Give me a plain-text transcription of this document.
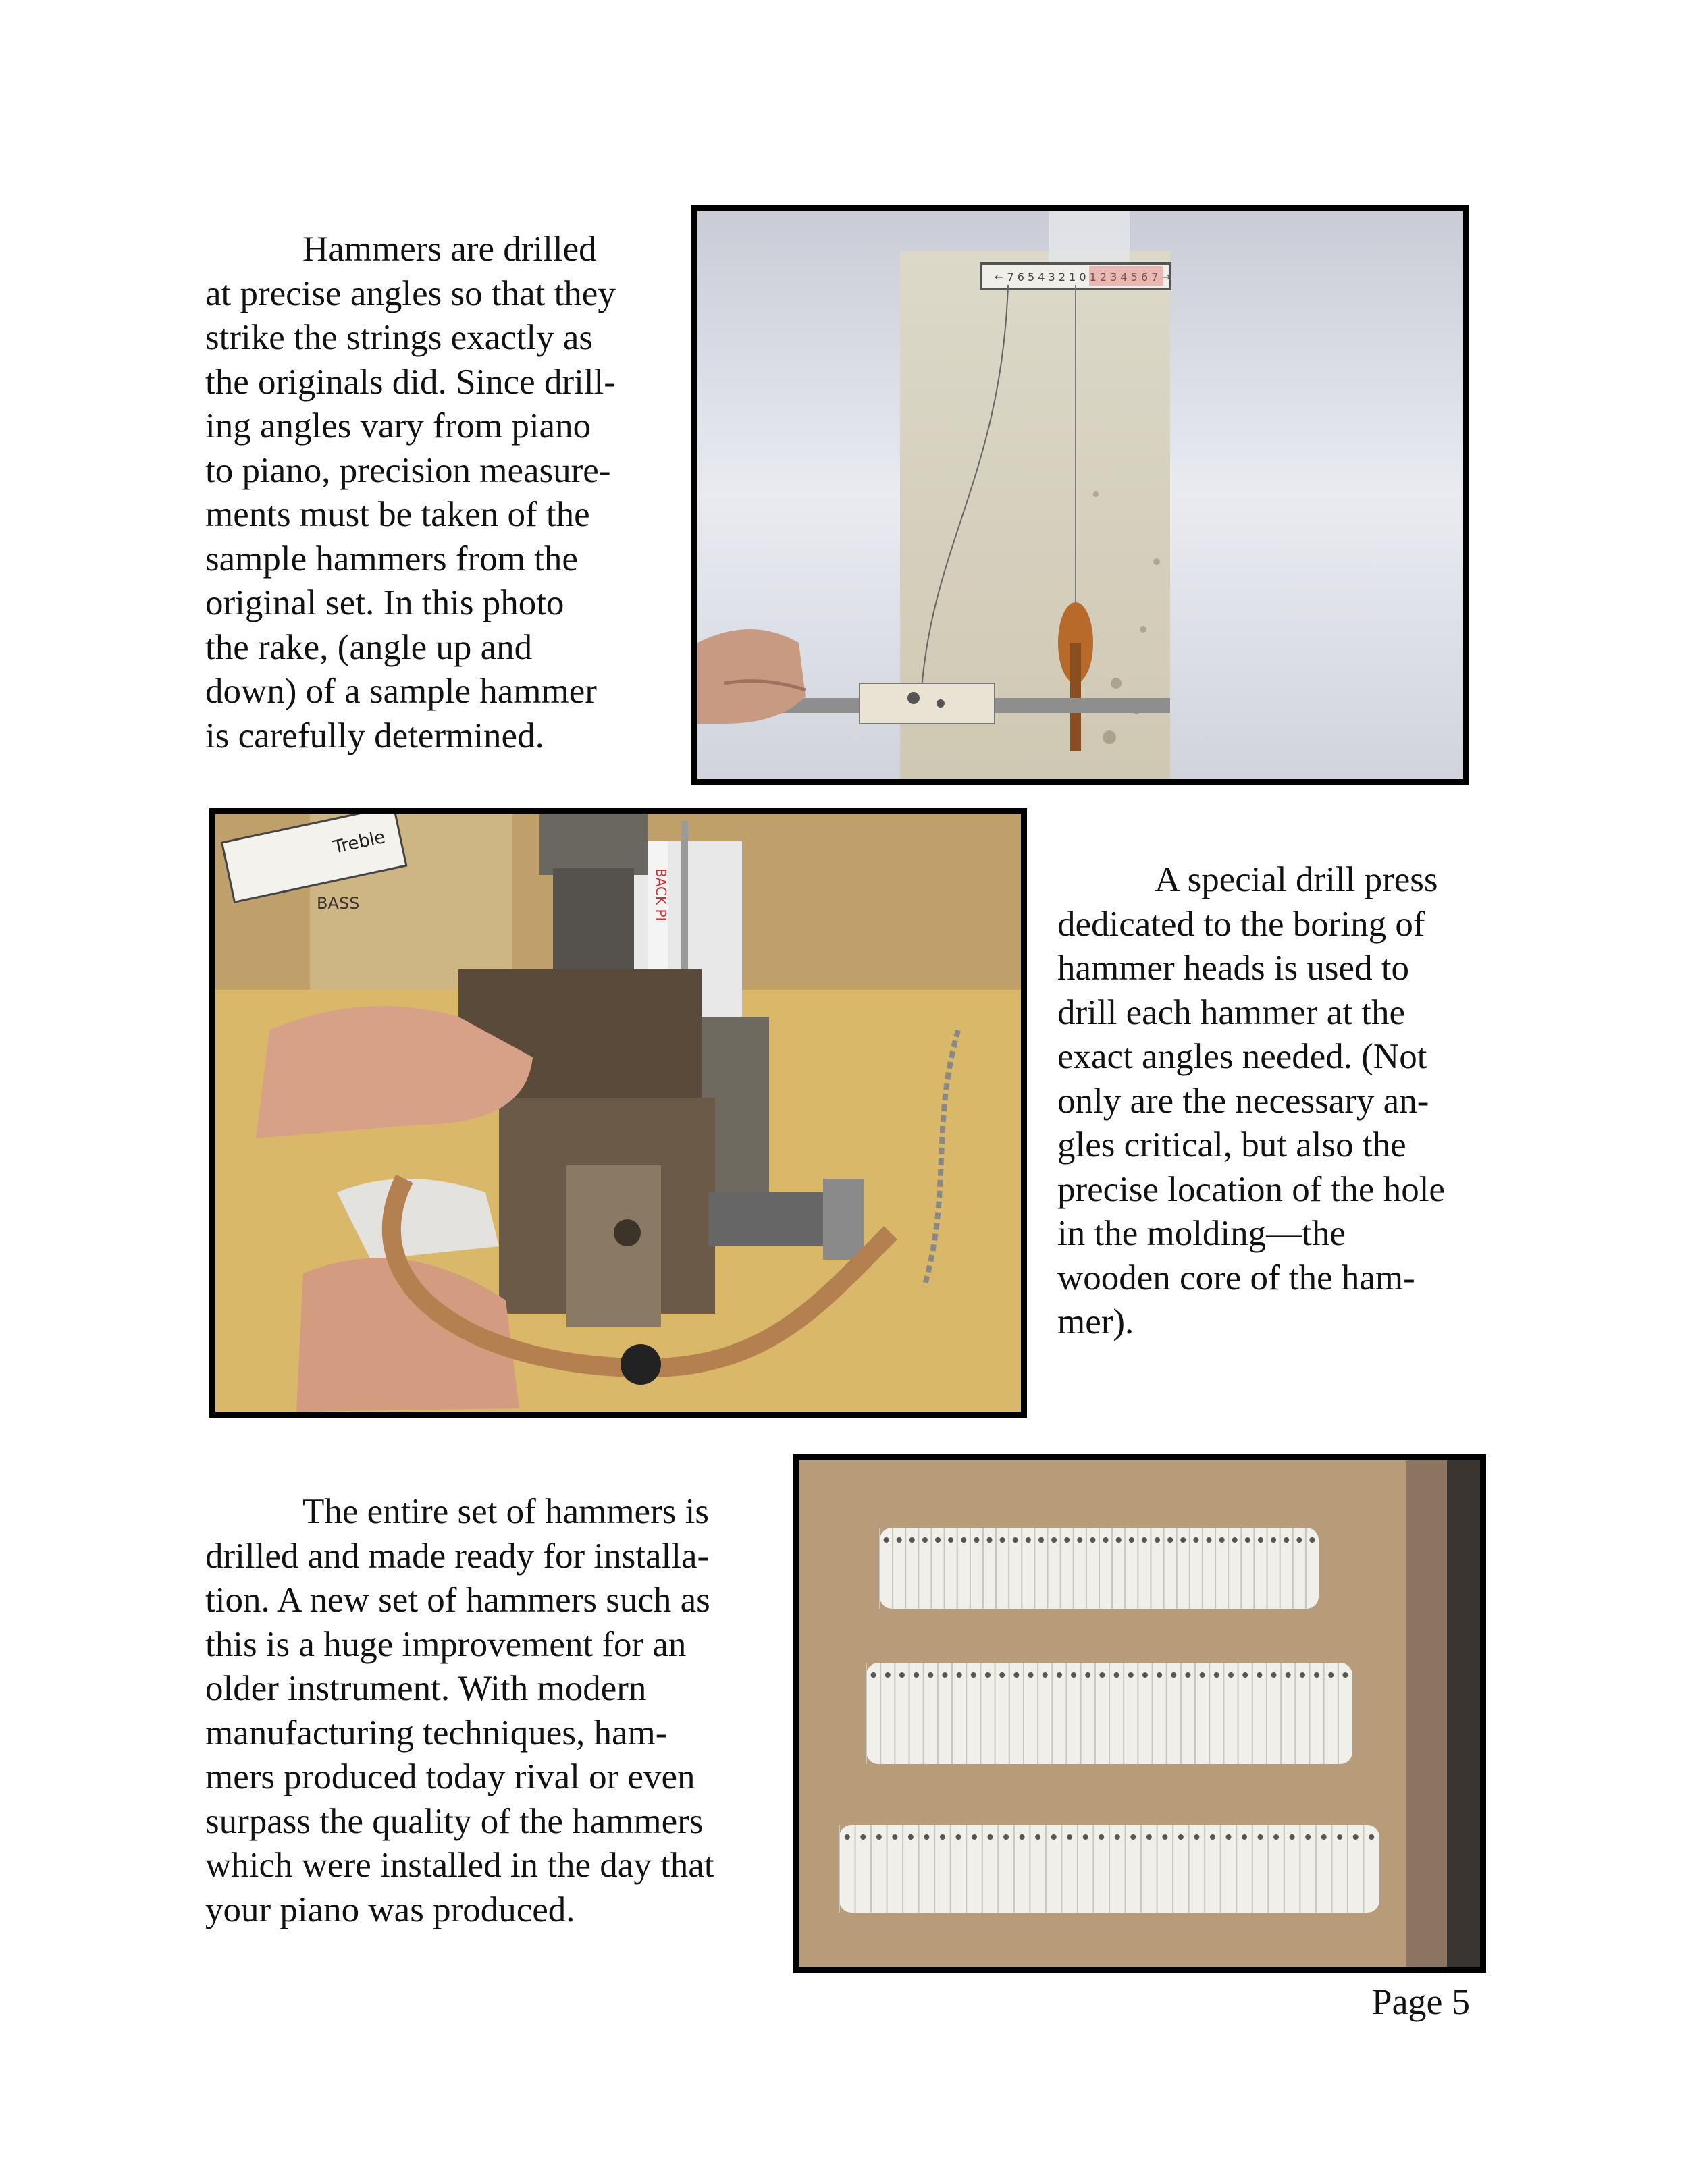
Hammers are drilled
at precise angles so that they
strike the strings exactly as
the originals did. Since drill-
ing angles vary from piano
to piano, precision measure-
ments must be taken of the
sample hammers from the
original set. In this photo
the rake, (angle up and
down) of a sample hammer
is carefully determined.
← 7 6 5 4 3 2 1 0 1 2 3 4 5 6 7 →
Treble
BASS	BACK PI	A special drill press
dedicated to the boring of
hammer heads is used to
drill each hammer at the
exact angles needed. (Not
only are the necessary an-
gles critical, but also the
precise location of the hole
in the molding—the
wooden core of the ham-
mer).
The entire set of hammers is
drilled and made ready for installa-
tion. A new set of hammers such as
this is a huge improvement for an
older instrument. With modern
manufacturing techniques, ham-
mers produced today rival or even
surpass the quality of the hammers
which were installed in the day that
your piano was produced.
Page 5
